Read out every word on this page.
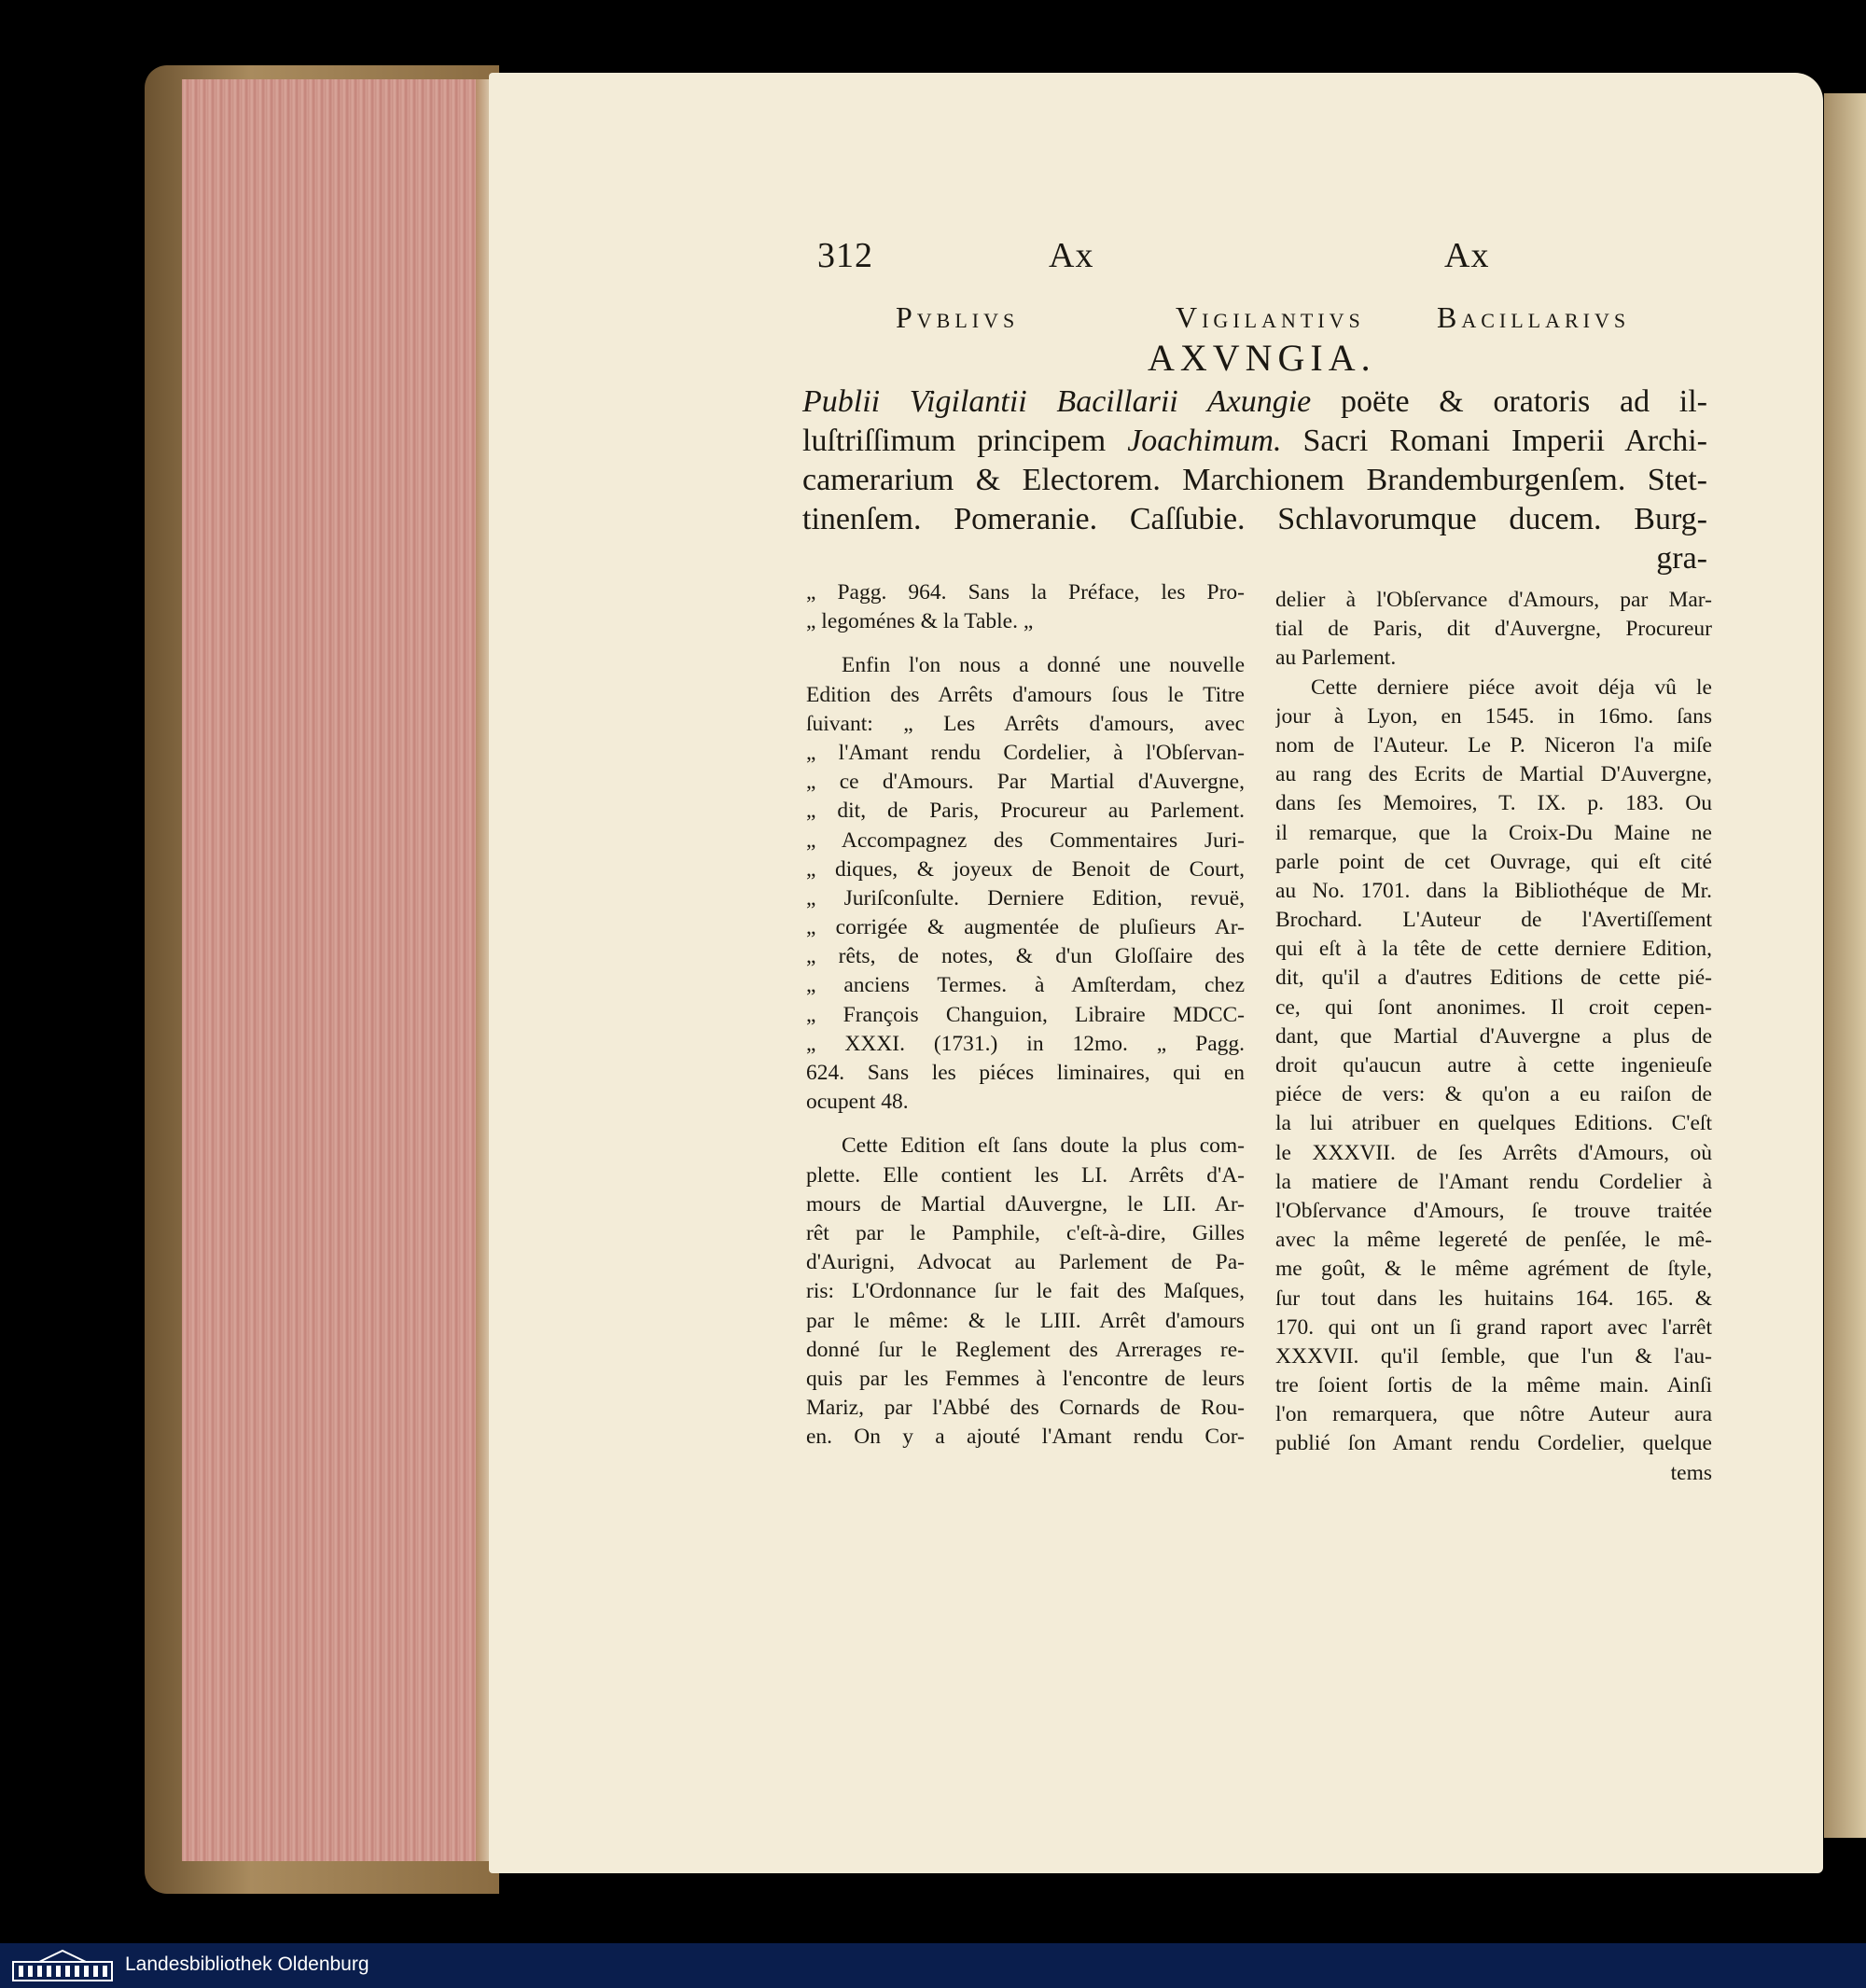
312	Ax	Ax
Pvblivs	Vigilantivs Bacillarivs
AXVNGIA.
Publii Vigilantii Bacillarii Axungie poëte & oratoris ad il-
luſtriſſimum principem Joachimum. Sacri Romani Imperii Archi-
camerarium & Electorem. Marchionem Brandemburgenſem. Stet-
tinenſem. Pomeranie. Caſſubie. Schlavorumque ducem. Burg-
gra-
„ Pagg. 964. Sans la Préface, les Pro-
„ legoménes & la Table. „
Enfin l'on nous a donné une nouvelle
Edition des Arrêts d'amours ſous le Titre
ſuivant: „ Les Arrêts d'amours, avec
„ l'Amant rendu Cordelier, à l'Obſervan-
„ ce d'Amours. Par Martial d'Auvergne,
„ dit, de Paris, Procureur au Parlement.
„ Accompagnez des Commentaires Juri-
„ diques, & joyeux de Benoit de Court,
„ Juriſconſulte. Derniere Edition, revuë,
„ corrigée & augmentée de pluſieurs Ar-
„ rêts, de notes, & d'un Gloſſaire des
„ anciens Termes. à Amſterdam, chez
„ François Changuion, Libraire MDCC-
„ XXXI. (1731.) in 12mo. „ Pagg.
624. Sans les piéces liminaires, qui en
ocupent 48.
Cette Edition eſt ſans doute la plus com-
plette. Elle contient les LI. Arrêts d'A-
mours de Martial dAuvergne, le LII. Ar-
rêt par le Pamphile, c'eſt-à-dire, Gilles
d'Aurigni, Advocat au Parlement de Pa-
ris: L'Ordonnance ſur le fait des Maſques,
par le même: & le LIII. Arrêt d'amours
donné ſur le Reglement des Arrerages re-
quis par les Femmes à l'encontre de leurs
Mariz, par l'Abbé des Cornards de Rou-
en. On y a ajouté l'Amant rendu Cor-
delier à l'Obſervance d'Amours, par Mar-
tial de Paris, dit d'Auvergne, Procureur
au Parlement.
Cette derniere piéce avoit déja vû le
jour à Lyon, en 1545. in 16mo. ſans
nom de l'Auteur. Le P. Niceron l'a miſe
au rang des Ecrits de Martial D'Auvergne,
dans ſes Memoires, T. IX. p. 183. Ou
il remarque, que la Croix-Du Maine ne
parle point de cet Ouvrage, qui eſt cité
au No. 1701. dans la Bibliothéque de Mr.
Brochard. L'Auteur de l'Avertiſſement
qui eſt à la tête de cette derniere Edition,
dit, qu'il a d'autres Editions de cette pié-
ce, qui ſont anonimes. Il croit cepen-
dant, que Martial d'Auvergne a plus de
droit qu'aucun autre à cette ingenieuſe
piéce de vers: & qu'on a eu raiſon de
la lui atribuer en quelques Editions. C'eſt
le XXXVII. de ſes Arrêts d'Amours, où
la matiere de l'Amant rendu Cordelier à
l'Obſervance d'Amours, ſe trouve traitée
avec la même legereté de penſée, le mê-
me goût, & le même agrément de ſtyle,
ſur tout dans les huitains 164. 165. &
170. qui ont un ſi grand raport avec l'arrêt
XXXVII. qu'il ſemble, que l'un & l'au-
tre ſoient ſortis de la même main. Ainſi
l'on remarquera, que nôtre Auteur aura
publié ſon Amant rendu Cordelier, quelque
tems
Landesbibliothek Oldenburg
